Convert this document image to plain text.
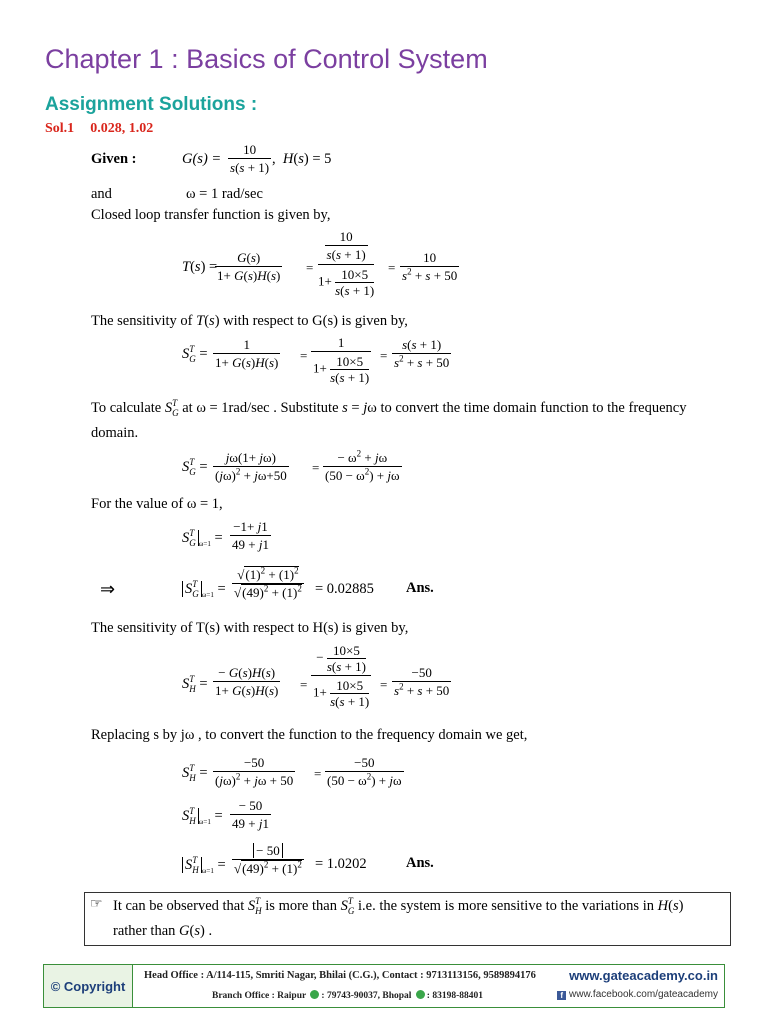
Chapter 1 : Basics of Control System
Assignment Solutions :
Sol.1 0.028, 1.02
Given :	$G(s) = \frac{10}{s(s + 1)}$ ,  H(s) = 5
and	ω = 1 rad/sec
Closed loop transfer function is given by,
T(s) =
$\frac{G(s)}{1+ G(s)H(s)}$ =
10
s(s + 1)
$1+ \frac{10\times 5}{s(s + 1)} = \frac{10}{s^2 + s + 50}$
The sensitivity of T(s) with respect to G(s) is given by,
$S^T_G = \frac{1}{1+ G(s)H(s)} = \frac{1}{1+ \frac{10\times 5}{s(s + 1)}} = \frac{s(s + 1)}{s^2 + s + 50}$
To calculate $S^T_G$ at ω = 1rad/sec . Substitute s = jω to convert the time domain function to the frequency
domain.
$S^T_G = \frac{j\omega(1+ j\omega)}{(j\omega)^2 + j\omega+50} = \frac{- \omega^2 + j\omega}{(50 - \omega^2) + j\omega}$
For the value of ω = 1,
$S^T_G$ $_{\omega=1} = \frac{-1+ j1}{49 + j1}$
⇒	$S^T_G$ $_{\omega=1} = \frac{√(1)^2 + (1)^2}{√(49)^2 + (1)^2} = 0.02885$ Ans.
The sensitivity of T(s) with respect to H(s) is given by,
$S^T_H = \frac{- G(s)H(s)}{1+ G(s)H(s)} = \frac{- \frac{10\times 5}{s(s + 1)}}{1+ \frac{10\times 5}{s(s + 1)}} = \frac{-50}{s^2 + s + 50}$
Replacing s by jω , to convert the function to the frequency domain we get,
$S^T_H = \frac{-50}{(j\omega)^2 + j\omega + 50} = \frac{-50}{(50 - \omega^2) + j\omega}$
$S^T_H$ $_{\omega=1} = \frac{- 50}{49 + j1}$
$S^T_H$ $_{\omega=1} = \frac{- 50}{√(49)^2 + (1)^2} = 1.0202$	Ans.
☞ It can be observed that $S^T_H$ is more than $S^T_G$ i.e. the system is more sensitive to the variations in H(s)
rather than G(s) .
© Copyright
Head Office : A/114-115, Smriti Nagar, Bhilai (C.G.), Contact : 9713113156, 9589894176
Branch Office : Raipur : 79743-90037, Bhopal : 83198-88401
www.gateacademy.co.in
f www.facebook.com/gateacademy
